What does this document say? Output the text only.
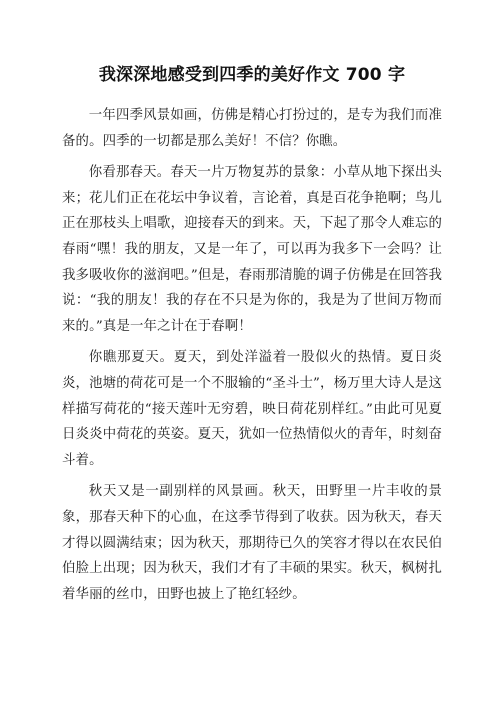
我深深地感受到四季的美好作文 700 字

一年四季风景如画，仿佛是精心打扮过的，是专为我们而准备的。四季的一切都是那么美好！不信？你瞧。

你看那春天。春天一片万物复苏的景象：小草从地下探出头来；花儿们正在花坛中争议着，言论着，真是百花争艳啊；鸟儿正在那枝头上唱歌，迎接春天的到来。天，下起了那令人难忘的春雨“嘿！我的朋友，又是一年了，可以再为我多下一会吗？让我多吸收你的滋润吧。”但是，春雨那清脆的调子仿佛是在回答我说：“我的朋友！我的存在不只是为你的，我是为了世间万物而来的。”真是一年之计在于春啊！

你瞧那夏天。夏天，到处洋溢着一股似火的热情。夏日炎炎，池塘的荷花可是一个不服输的“圣斗士”，杨万里大诗人是这样描写荷花的“接天莲叶无穷碧，映日荷花别样红。”由此可见夏日炎炎中荷花的英姿。夏天，犹如一位热情似火的青年，时刻奋斗着。

秋天又是一副别样的风景画。秋天，田野里一片丰收的景象，那春天种下的心血，在这季节得到了收获。因为秋天，春天才得以圆满结束；因为秋天，那期待已久的笑容才得以在农民伯伯脸上出现；因为秋天，我们才有了丰硕的果实。秋天，枫树扎着华丽的丝巾，田野也披上了艳红轻纱。
